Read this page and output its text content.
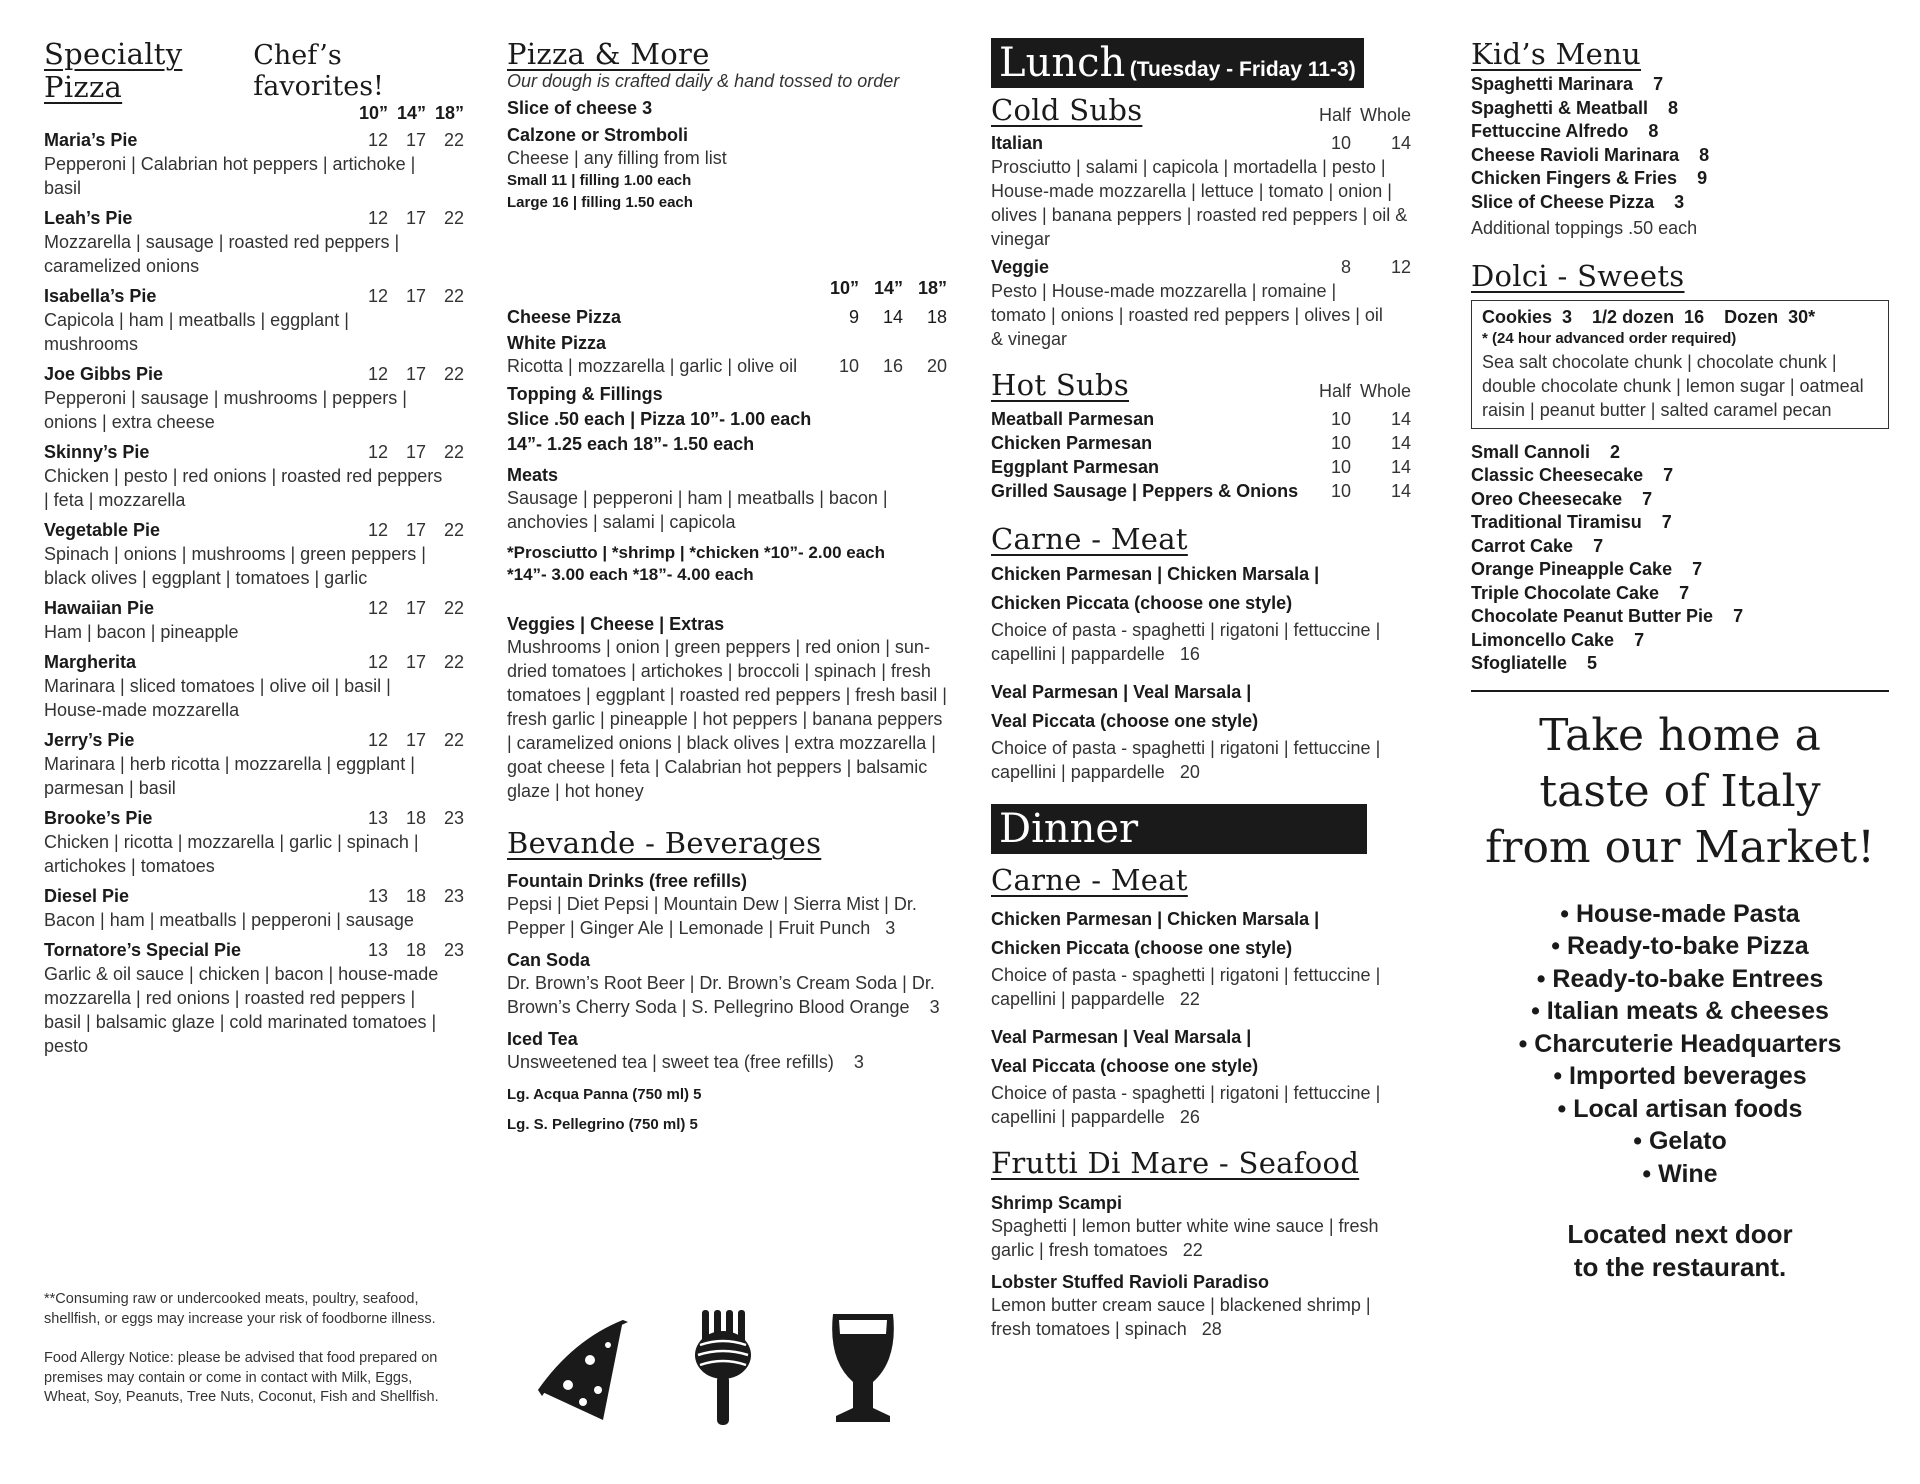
Specialty Pizza
Chef’s favorites!
10” 14” 18”
Maria’s Pie	12 17 22
Pepperoni | Calabrian hot peppers | artichoke | basil
Leah’s Pie	12 17 22
Mozzarella | sausage | roasted red peppers | caramelized onions
Isabella’s Pie	12 17 22
Capicola | ham | meatballs | eggplant | mushrooms
Joe Gibbs Pie	12 17 22
Pepperoni | sausage | mushrooms | peppers | onions | extra cheese
Skinny’s Pie	12 17 22
Chicken | pesto | red onions | roasted red peppers | feta | mozzarella
Vegetable Pie	12 17 22
Spinach | onions | mushrooms | green peppers | black olives | eggplant | tomatoes | garlic
Hawaiian Pie	12 17 22
Ham | bacon | pineapple
Margherita	12 17 22
Marinara | sliced tomatoes | olive oil | basil | House-made mozzarella
Jerry’s Pie	12 17 22
Marinara | herb ricotta | mozzarella | eggplant | parmesan | basil
Brooke’s Pie	13 18 23
Chicken | ricotta | mozzarella | garlic | spinach | artichokes | tomatoes
Diesel Pie	13 18 23
Bacon | ham | meatballs | pepperoni | sausage
Tornatore’s Special Pie	13 18 23
Garlic & oil sauce | chicken | bacon | house-made mozzarella | red onions | roasted red peppers | basil | balsamic glaze | cold marinated tomatoes | pesto
**Consuming raw or undercooked meats, poultry, seafood, shellfish, or eggs may increase your risk of foodborne illness.
Food Allergy Notice: please be advised that food prepared on premises may contain or come in contact with Milk, Eggs, Wheat, Soy, Peanuts, Tree Nuts, Coconut, Fish and Shellfish.
Pizza & More
Our dough is crafted daily & hand tossed to order
Slice of cheese 3
Calzone or Stromboli
Cheese | any filling from list
Small 11 | filling 1.00 each
Large 16 | filling 1.50 each
10” 14” 18”
Cheese Pizza	9	14	18
White Pizza
Ricotta | mozzarella | garlic | olive oil	10	16	20
Topping & Fillings
Slice .50 each | Pizza 10”- 1.00 each
14”- 1.25 each 18”- 1.50 each
Meats
Sausage | pepperoni | ham | meatballs | bacon | anchovies | salami | capicola
*Prosciutto | *shrimp | *chicken *10”- 2.00 each
*14”- 3.00 each *18”- 4.00 each
Veggies | Cheese | Extras
Mushrooms | onion | green peppers | red onion | sun-dried tomatoes | artichokes | broccoli | spinach | fresh tomatoes | eggplant | roasted red peppers | fresh basil | fresh garlic | pineapple | hot peppers | banana peppers | caramelized onions | black olives | extra mozzarella | goat cheese | feta | Calabrian hot peppers | balsamic glaze | hot honey
Bevande - Beverages
Fountain Drinks (free refills)
Pepsi | Diet Pepsi | Mountain Dew | Sierra Mist | Dr. Pepper | Ginger Ale | Lemonade | Fruit Punch 3
Can Soda
Dr. Brown’s Root Beer | Dr. Brown’s Cream Soda | Dr. Brown’s Cherry Soda | S. Pellegrino Blood Orange 3
Iced Tea
Unsweetened tea | sweet tea (free refills) 3
Lg. Acqua Panna (750 ml) 5
Lg. S. Pellegrino (750 ml) 5
Lunch (Tuesday - Friday 11-3)
Cold Subs	Half Whole
Italian	10	14
Prosciutto | salami | capicola | mortadella | pesto | House-made mozzarella | lettuce | tomato | onion | olives | banana peppers | roasted red peppers | oil & vinegar
Veggie	8	12
Pesto | House-made mozzarella | romaine | tomato | onions | roasted red peppers | olives | oil & vinegar
Hot Subs	Half Whole
Meatball Parmesan	10	14
Chicken Parmesan	10	14
Eggplant Parmesan	10	14
Grilled Sausage | Peppers & Onions	10	14
Carne - Meat
Chicken Parmesan | Chicken Marsala |
Chicken Piccata (choose one style)
Choice of pasta - spaghetti | rigatoni | fettuccine | capellini | pappardelle 16
Veal Parmesan | Veal Marsala |
Veal Piccata (choose one style)
Choice of pasta - spaghetti | rigatoni | fettuccine | capellini | pappardelle 20
Dinner
Carne - Meat
Chicken Parmesan | Chicken Marsala |
Chicken Piccata (choose one style)
Choice of pasta - spaghetti | rigatoni | fettuccine | capellini | pappardelle 22
Veal Parmesan | Veal Marsala |
Veal Piccata (choose one style)
Choice of pasta - spaghetti | rigatoni | fettuccine | capellini | pappardelle 26
Frutti Di Mare - Seafood
Shrimp Scampi
Spaghetti | lemon butter white wine sauce | fresh garlic | fresh tomatoes 22
Lobster Stuffed Ravioli Paradiso
Lemon butter cream sauce | blackened shrimp | fresh tomatoes | spinach 28
Kid’s Menu
Spaghetti Marinara 7
Spaghetti & Meatball 8
Fettuccine Alfredo 8
Cheese Ravioli Marinara 8
Chicken Fingers & Fries 9
Slice of Cheese Pizza 3
Additional toppings .50 each
Dolci - Sweets
Cookies  3    1/2 dozen  16    Dozen  30*
* (24 hour advanced order required)
Sea salt chocolate chunk | chocolate chunk | double chocolate chunk | lemon sugar | oatmeal raisin | peanut butter | salted caramel pecan
Small Cannoli 2
Classic Cheesecake 7
Oreo Cheesecake 7
Traditional Tiramisu 7
Carrot Cake 7
Orange Pineapple Cake 7
Triple Chocolate Cake 7
Chocolate Peanut Butter Pie 7
Limoncello Cake 7
Sfogliatelle 5
Take home a
taste of Italy
from our Market!
• House-made Pasta
• Ready-to-bake Pizza
• Ready-to-bake Entrees
• Italian meats & cheeses
• Charcuterie Headquarters
• Imported beverages
• Local artisan foods
• Gelato
• Wine
Located next door
to the restaurant.
